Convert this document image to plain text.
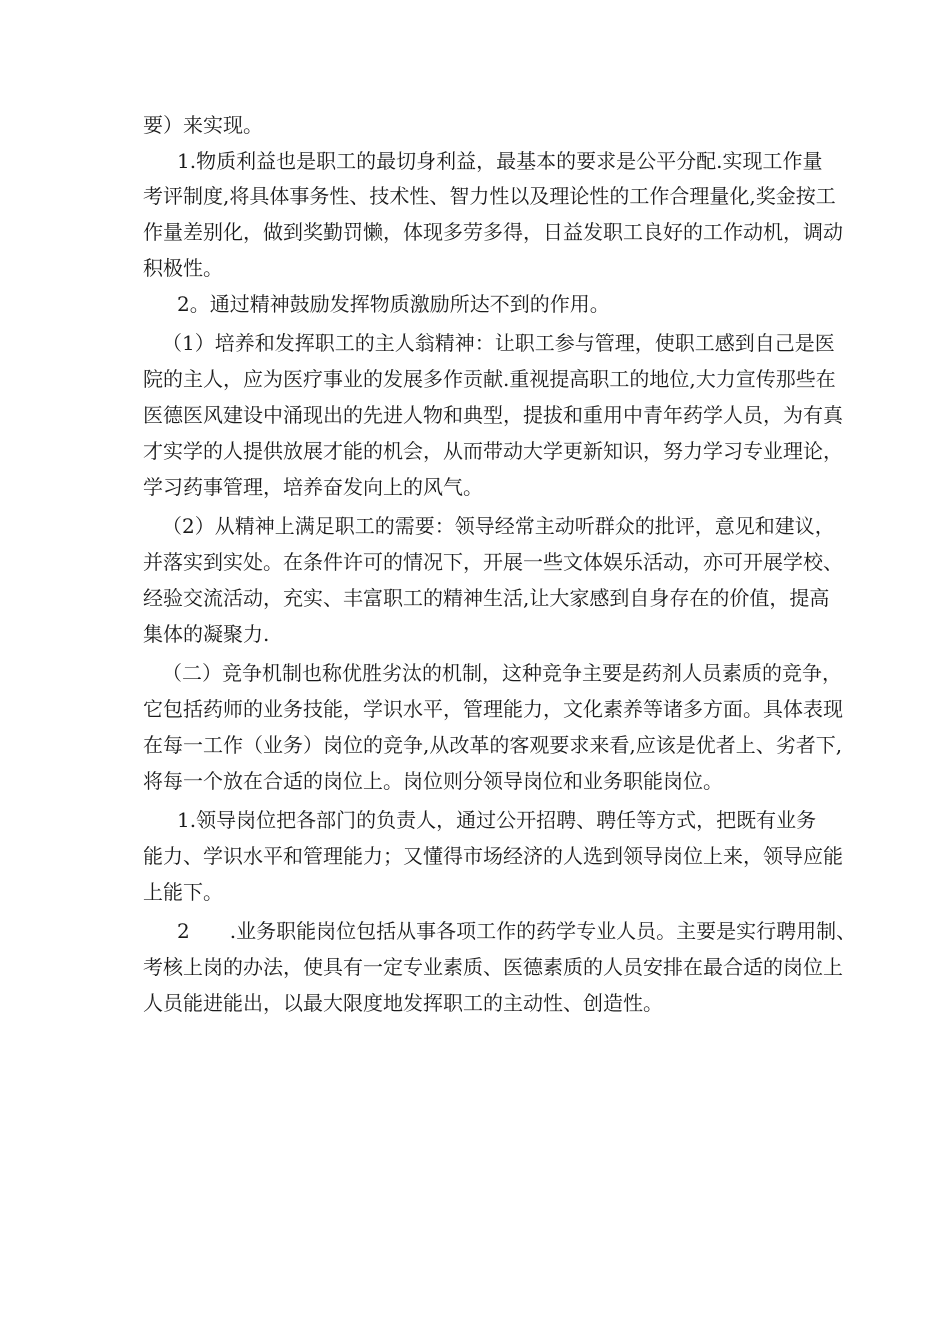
要）来实现。
1.物质利益也是职工的最切身利益，最基本的要求是公平分配.实现工作量
考评制度,将具体事务性、技术性、智力性以及理论性的工作合理量化,奖金按工
作量差别化，做到奖勤罚懒，体现多劳多得，日益发职工良好的工作动机，调动
积极性。
2。通过精神鼓励发挥物质激励所达不到的作用。
（1）培养和发挥职工的主人翁精神：让职工参与管理，使职工感到自己是医
院的主人，应为医疗事业的发展多作贡献.重视提高职工的地位,大力宣传那些在
医德医风建设中涌现出的先进人物和典型，提拔和重用中青年药学人员，为有真
才实学的人提供放展才能的机会，从而带动大学更新知识，努力学习专业理论，
学习药事管理，培养奋发向上的风气。
（2）从精神上满足职工的需要：领导经常主动听群众的批评，意见和建议，
并落实到实处。在条件许可的情况下，开展一些文体娱乐活动，亦可开展学校、
经验交流活动，充实、丰富职工的精神生活,让大家感到自身存在的价值，提高
集体的凝聚力.
（二）竞争机制也称优胜劣汰的机制，这种竞争主要是药剂人员素质的竞争，
它包括药师的业务技能，学识水平，管理能力，文化素养等诸多方面。具体表现
在每一工作（业务）岗位的竞争,从改革的客观要求来看,应该是优者上、劣者下,
将每一个放在合适的岗位上。岗位则分领导岗位和业务职能岗位。
1.领导岗位把各部门的负责人，通过公开招聘、聘任等方式，把既有业务
能力、学识水平和管理能力；又懂得市场经济的人选到领导岗位上来，领导应能
上能下。
2　　.业务职能岗位包括从事各项工作的药学专业人员。主要是实行聘用制、
考核上岗的办法，使具有一定专业素质、医德素质的人员安排在最合适的岗位上
人员能进能出，以最大限度地发挥职工的主动性、创造性。
